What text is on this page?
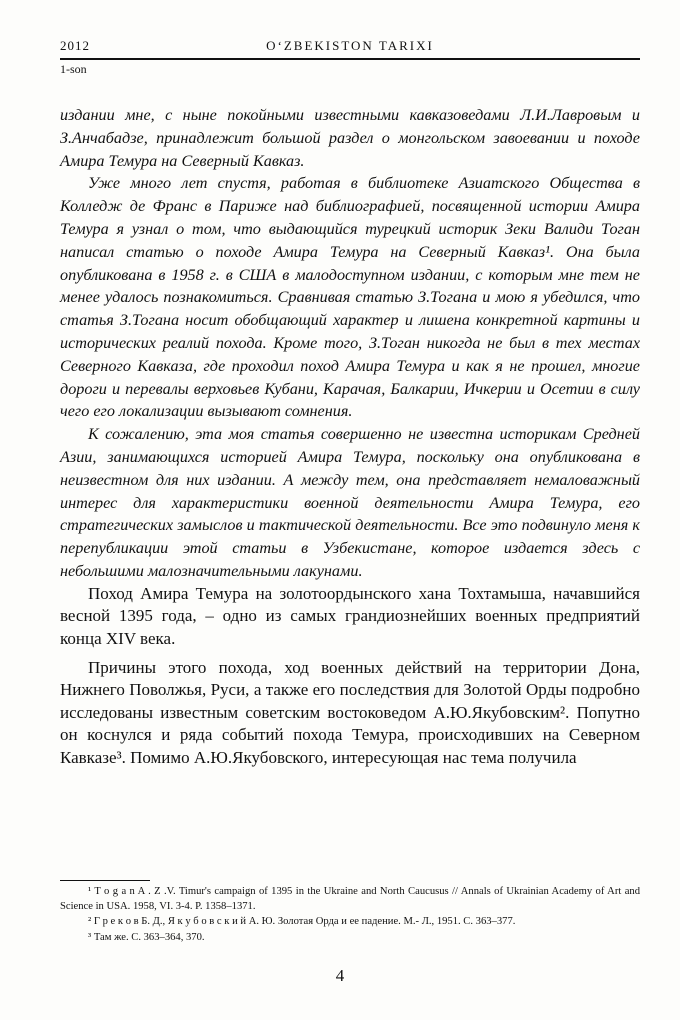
2012	O‘ZBEKISTON TARIXI
1-son

издании мне, с ныне покойными известными кавказоведами Л.И.Лавровым и З.Анчабадзе, принадлежит большой раздел о монгольском завоевании и походе Амира Темура на Северный Кавказ.

Уже много лет спустя, работая в библиотеке Азиатского Общества в Колледж де Франс в Париже над библиографией, посвященной истории Амира Темура я узнал о том, что выдающийся турецкий историк Зеки Валиди Тоган написал статью о походе Амира Темура на Северный Кавказ¹. Она была опубликована в 1958 г. в США в малодоступном издании, с которым мне тем не менее удалось познакомиться. Сравнивая статью З.Тогана и мою я убедился, что статья З.Тогана носит обобщающий характер и лишена конкретной картины и исторических реалий похода. Кроме того, З.Тоган никогда не был в тех местах Северного Кавказа, где проходил поход Амира Темура и как я не прошел, многие дороги и перевалы верховьев Кубани, Карачая, Балкарии, Ичкерии и Осетии в силу чего его локализации вызывают сомнения.

К сожалению, эта моя статья совершенно не известна историкам Средней Азии, занимающихся историей Амира Темура, поскольку она опубликована в неизвестном для них издании. А между тем, она представляет немаловажный интерес для характеристики военной деятельности Амира Темура, его стратегических замыслов и тактической деятельности. Все это подвинуло меня к перепубликации этой статьи в Узбекистане, которое издается здесь с небольшими малозначительными лакунами.

Поход Амира Темура на золотоордынского хана Тохтамыша, начавшийся весной 1395 года, – одно из самых грандиознейших военных предприятий конца XIV века.

Причины этого похода, ход военных действий на территории Дона, Нижнего Поволжья, Руси, а также его последствия для Золотой Орды подробно исследованы известным советским востоковедом А.Ю.Якубовским². Попутно он коснулся и ряда событий похода Темура, происходивших на Северном Кавказе³. Помимо А.Ю.Якубовского, интересующая нас тема получила

¹ T o g a n A . Z .V. Timur's campaign of 1395 in the Ukraine and North Caucusus // Annals of Ukrainian Academy of Art and Science in USA. 1958, VI. 3-4. P. 1358–1371.

² Г р е к о в Б. Д., Я к у б о в с к и й А. Ю. Золотая Орда и ее падение. М.- Л., 1951. С. 363–377.

³ Там же. С. 363–364, 370.

4
